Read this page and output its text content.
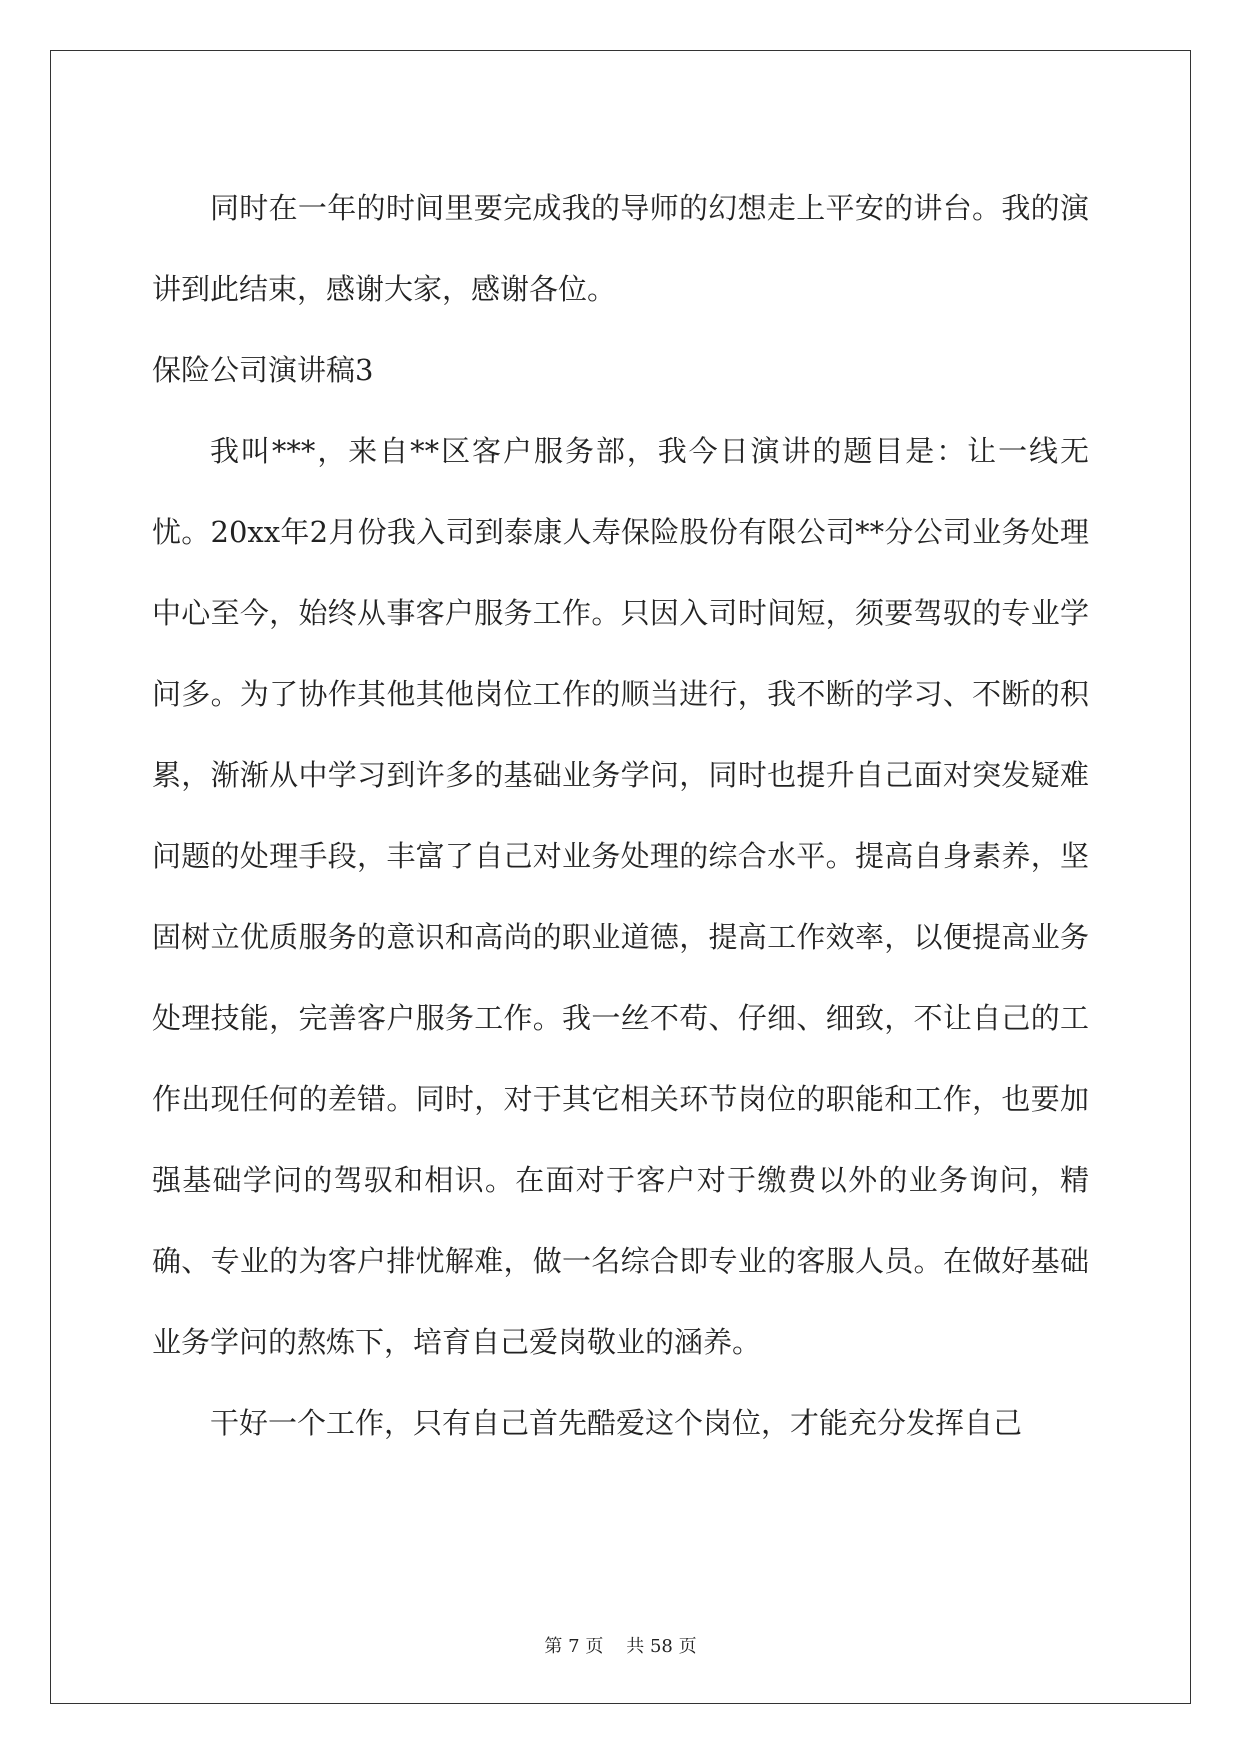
同时在一年的时间里要完成我的导师的幻想走上平安的讲台。我的演讲到此结束，感谢大家，感谢各位。

保险公司演讲稿3

我叫***，来自**区客户服务部，我今日演讲的题目是：让一线无忧。20xx年2月份我入司到泰康人寿保险股份有限公司**分公司业务处理中心至今，始终从事客户服务工作。只因入司时间短，须要驾驭的专业学问多。为了协作其他其他岗位工作的顺当进行，我不断的学习、不断的积累，渐渐从中学习到许多的基础业务学问，同时也提升自己面对突发疑难问题的处理手段，丰富了自己对业务处理的综合水平。提高自身素养，坚固树立优质服务的意识和高尚的职业道德，提高工作效率，以便提高业务处理技能，完善客户服务工作。我一丝不苟、仔细、细致，不让自己的工作出现任何的差错。同时，对于其它相关环节岗位的职能和工作，也要加强基础学问的驾驭和相识。在面对于客户对于缴费以外的业务询问，精确、专业的为客户排忧解难，做一名综合即专业的客服人员。在做好基础业务学问的熬炼下，培育自己爱岗敬业的涵养。

干好一个工作，只有自己首先酷爱这个岗位，才能充分发挥自己

第 7 页 共 58 页
